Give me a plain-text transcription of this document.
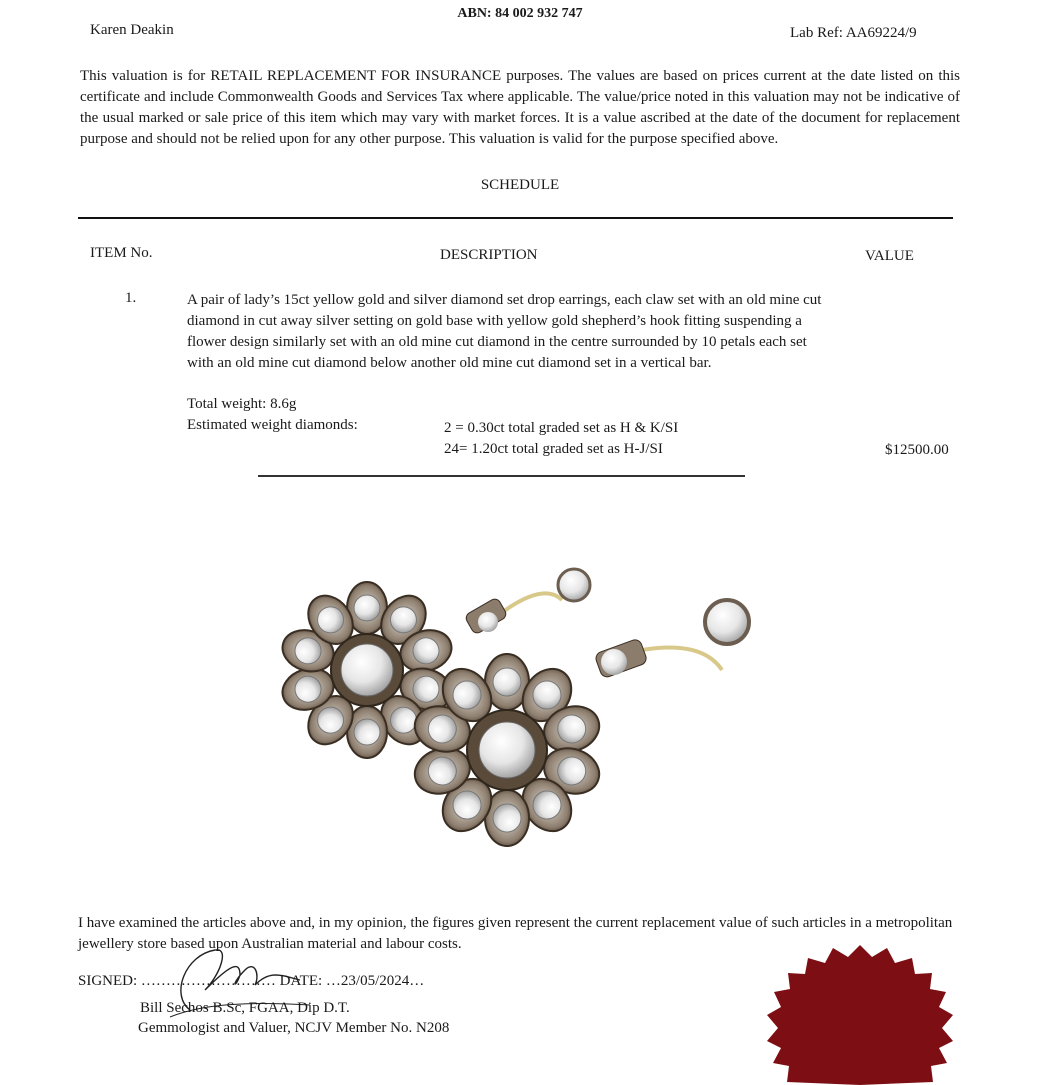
ABN: 84 002 932 747
Karen Deakin	Lab Ref: AA69224/9
This valuation is for RETAIL REPLACEMENT FOR INSURANCE purposes. The values are based on prices current at the date listed on this certificate and include Commonwealth Goods and Services Tax where applicable. The value/price noted in this valuation may not be indicative of the usual marked or sale price of this item which may vary with market forces. It is a value ascribed at the date of the document for replacement purpose and should not be relied upon for any other purpose. This valuation is valid for the purpose specified above.
SCHEDULE
ITEM No.	DESCRIPTION	VALUE
1.	A pair of lady’s 15ct yellow gold and silver diamond set drop earrings, each claw set with an old mine cut diamond in cut away silver setting on gold base with yellow gold shepherd’s hook fitting suspending a flower design similarly set with an old mine cut diamond in the centre surrounded by 10 petals each set with an old mine cut diamond below another old mine cut diamond set in a vertical bar.
Total weight: 8.6g
Estimated weight diamonds:	2 = 0.30ct total graded set as H & K/SI
24= 1.20ct total graded set as H-J/SI	$12500.00
I have examined the articles above and, in my opinion, the figures given represent the current replacement value of such articles in a metropolitan jewellery store based upon Australian material and labour costs.
SIGNED: ……………………… DATE: …23/05/2024…
Bill Sechos B.Sc, FGAA, Dip D.T.
Gemmologist and Valuer, NCJV Member No. N208
